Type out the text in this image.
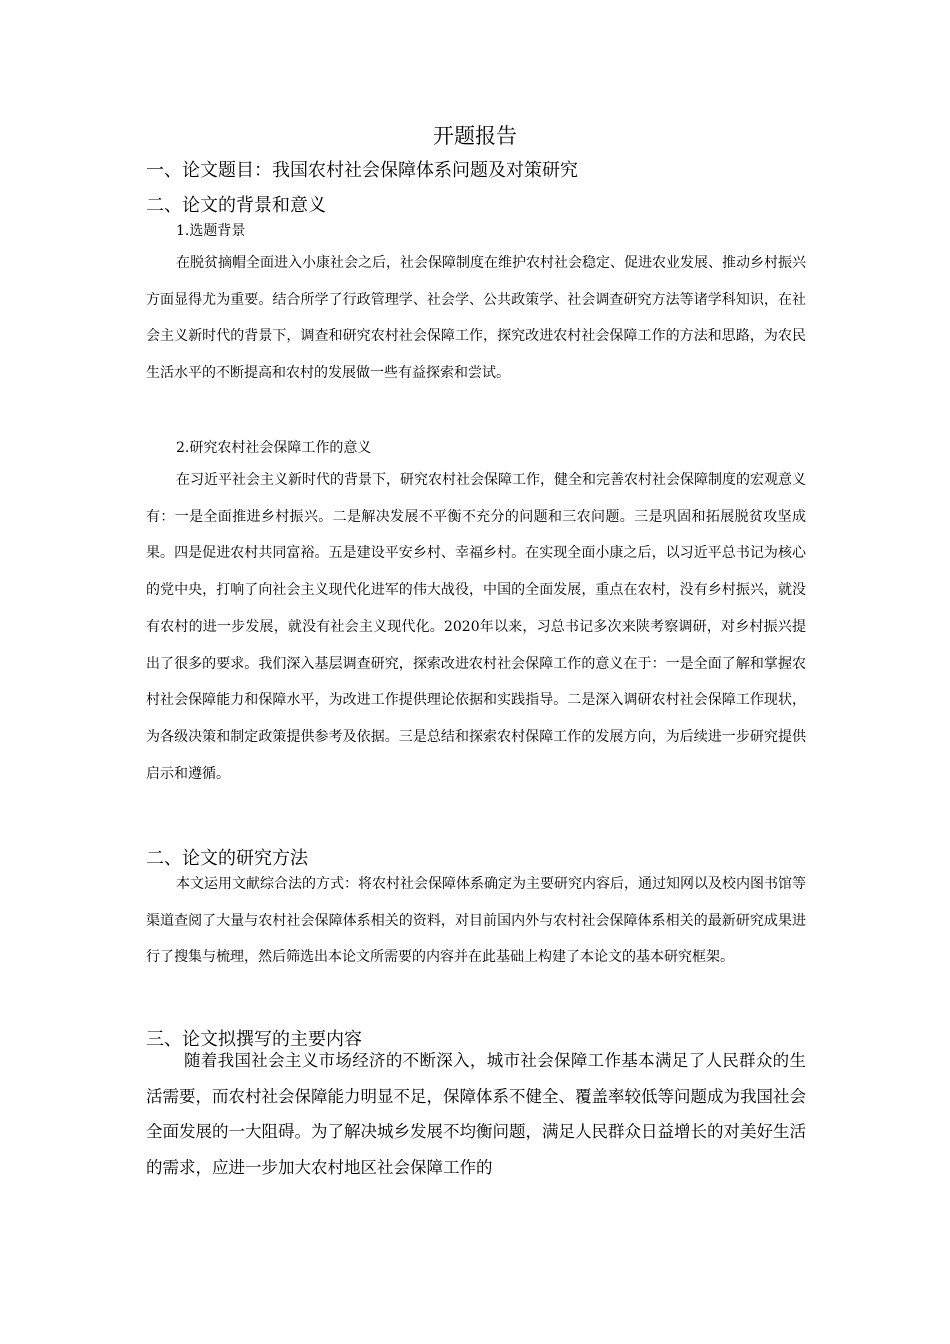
开题报告
一、论文题目：我国农村社会保障体系问题及对策研究
二、论文的背景和意义
1.选题背景

在脱贫摘帽全面进入小康社会之后，社会保障制度在维护农村社会稳定、促进农业发展、推动乡村振兴方面显得尤为重要。结合所学了行政管理学、社会学、公共政策学、社会调查研究方法等诸学科知识，在社会主义新时代的背景下，调查和研究农村社会保障工作，探究改进农村社会保障工作的方法和思路，为农民生活水平的不断提高和农村的发展做一些有益探索和尝试。

2.研究农村社会保障工作的意义

在习近平社会主义新时代的背景下，研究农村社会保障工作，健全和完善农村社会保障制度的宏观意义有：一是全面推进乡村振兴。二是解决发展不平衡不充分的问题和三农问题。三是巩固和拓展脱贫攻坚成果。四是促进农村共同富裕。五是建设平安乡村、幸福乡村。在实现全面小康之后，以习近平总书记为核心的党中央，打响了向社会主义现代化进军的伟大战役，中国的全面发展，重点在农村，没有乡村振兴，就没有农村的进一步发展，就没有社会主义现代化。2020年以来，习总书记多次来陕考察调研，对乡村振兴提出了很多的要求。我们深入基层调查研究，探索改进农村社会保障工作的意义在于：一是全面了解和掌握农村社会保障能力和保障水平，为改进工作提供理论依据和实践指导。二是深入调研农村社会保障工作现状，为各级决策和制定政策提供参考及依据。三是总结和探索农村保障工作的发展方向，为后续进一步研究提供启示和遵循。

二、论文的研究方法

本文运用文献综合法的方式：将农村社会保障体系确定为主要研究内容后，通过知网以及校内图书馆等渠道查阅了大量与农村社会保障体系相关的资料，对目前国内外与农村社会保障体系相关的最新研究成果进行了搜集与梳理，然后筛选出本论文所需要的内容并在此基础上构建了本论文的基本研究框架。

三、论文拟撰写的主要内容

随着我国社会主义市场经济的不断深入，城市社会保障工作基本满足了人民群众的生活需要，而农村社会保障能力明显不足，保障体系不健全、覆盖率较低等问题成为我国社会全面发展的一大阻碍。为了解决城乡发展不均衡问题，满足人民群众日益增长的对美好生活的需求，应进一步加大农村地区社会保障工作的
